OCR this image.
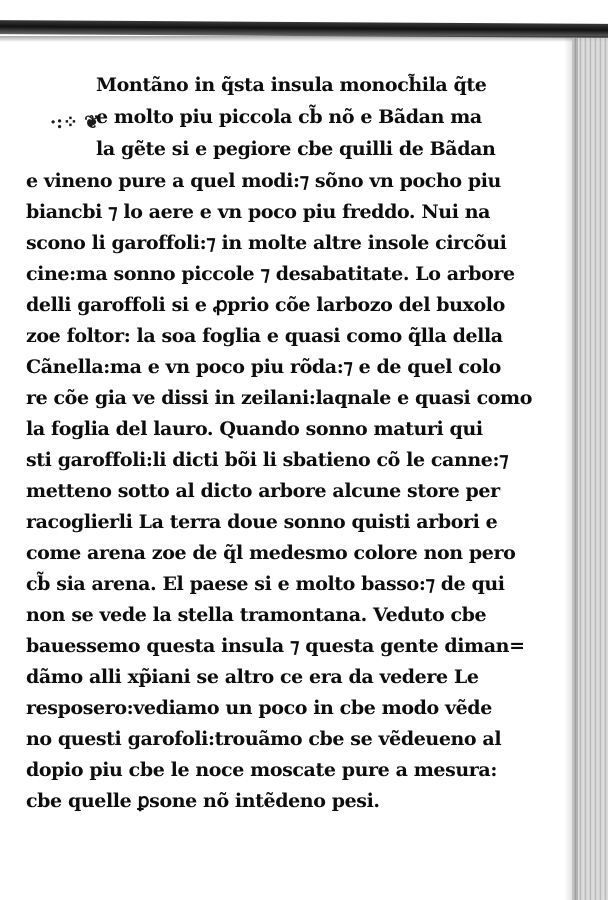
·:⁘ ❦
Montãno in q̃sta insula monoch̃ila q̃te
e molto piu piccola cb̃ nõ e Bãdan ma
la gẽte si e pegiore cbe quilli de Bãdan
e vineno pure a quel modi:⁊ sõno vn pocho piu
biancbi ⁊ lo aere e vn poco piu freddo. Nui na
scono li garoffoli:⁊ in molte altre insole circõui
cine:ma sonno piccole ⁊ desabatitate. Lo arbore
delli garoffoli si e ꝓprio cõe larbozo del buxolo
zoe foltor: la soa foglia e quasi como q̃lla della
Cãnella:ma e vn poco piu rõda:⁊ e de quel colo
re cõe gia ve dissi in zeilani:laqnale e quasi como
la foglia del lauro. Quando sonno maturi qui
sti garoffoli:li dicti bõi li sbatieno cõ le canne:⁊
metteno sotto al dicto arbore alcune store per
racoglierli La terra doue sonno quisti arbori e
come arena zoe de q̃l medesmo colore non pero
cb̃ sia arena. El paese si e molto basso:⁊ de qui
non se vede la stella tramontana. Veduto cbe
bauessemo questa insula ⁊ questa gente diman=
dãmo alli xp̃iani se altro ce era da vedere Le
resposero:vediamo un poco in cbe modo vẽde
no questi garofoli:trouãmo cbe se vẽdeueno al
dopio piu cbe le noce moscate pure a mesura:
cbe quelle ꝑsone nõ intẽdeno pesi.
